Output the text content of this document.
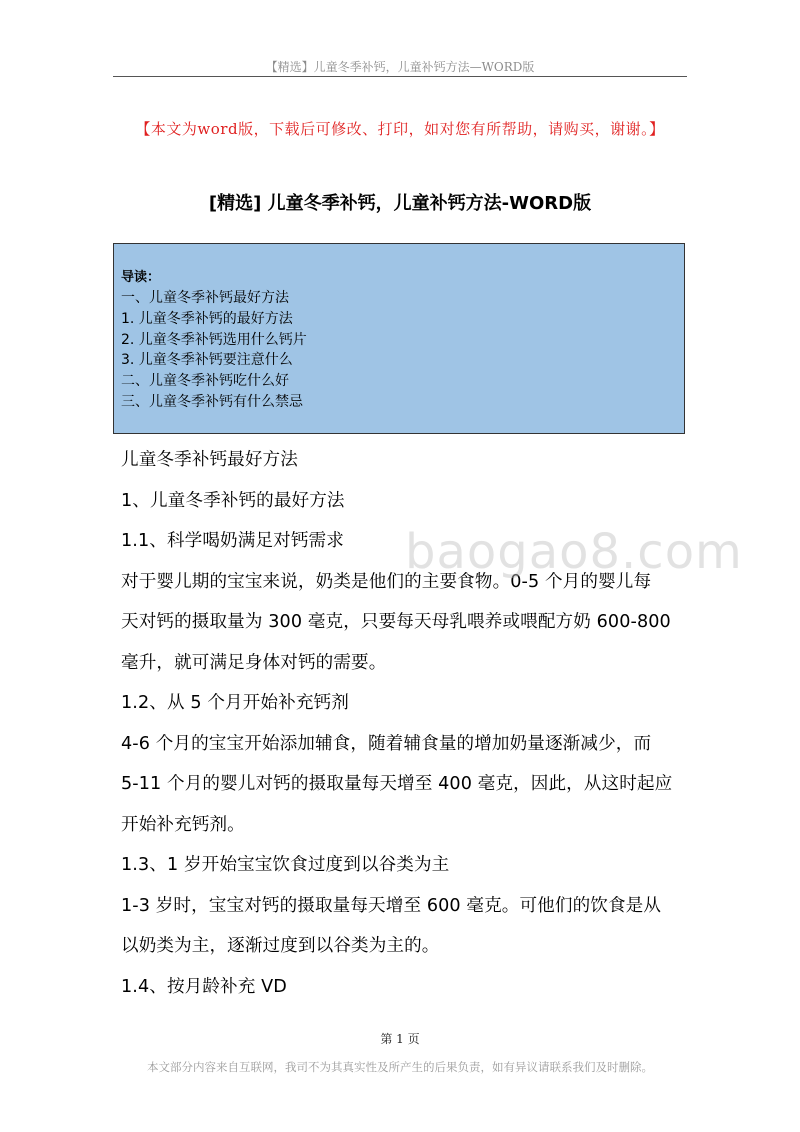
【精选】儿童冬季补钙，儿童补钙方法—WORD版
【本文为word版，下载后可修改、打印，如对您有所帮助，请购买，谢谢。】
[精选] 儿童冬季补钙，儿童补钙方法-WORD版
导读：
一、儿童冬季补钙最好方法
1. 儿童冬季补钙的最好方法
2. 儿童冬季补钙选用什么钙片
3. 儿童冬季补钙要注意什么
二、儿童冬季补钙吃什么好
三、儿童冬季补钙有什么禁忌

儿童冬季补钙最好方法

1、儿童冬季补钙的最好方法

1.1、科学喝奶满足对钙需求

对于婴儿期的宝宝来说，奶类是他们的主要食物。0-5 个月的婴儿每

天对钙的摄取量为 300 毫克，只要每天母乳喂养或喂配方奶 600-800

毫升，就可满足身体对钙的需要。

1.2、从 5 个月开始补充钙剂

4-6 个月的宝宝开始添加辅食，随着辅食量的增加奶量逐渐减少，而

5-11 个月的婴儿对钙的摄取量每天增至 400 毫克，因此，从这时起应

开始补充钙剂。

1.3、1 岁开始宝宝饮食过度到以谷类为主

1-3 岁时，宝宝对钙的摄取量每天增至 600 毫克。可他们的饮食是从

以奶类为主，逐渐过度到以谷类为主的。

1.4、按月龄补充 VD

baogao8.com
第 1 页
本文部分内容来自互联网，我司不为其真实性及所产生的后果负责，如有异议请联系我们及时删除。
